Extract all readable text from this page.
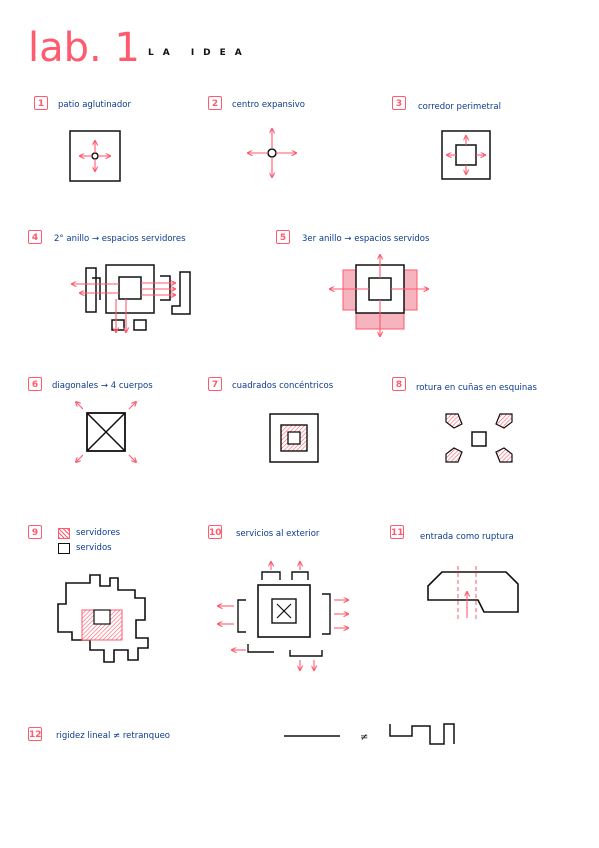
lab. 1 LA IDEA
1	patio aglutinador	2	centro expansivo	3	corredor perimetral
4	2° anillo → espacios servidores	5	3er anillo → espacios servidos
6	diagonales → 4 cuerpos	7	cuadrados concéntricos	8	rotura en cuñas en esquinas
9	10 servicios al exterior	11 entrada como ruptura
12 rigidez lineal ≠ retranqueo
servidores
servidos
≠
